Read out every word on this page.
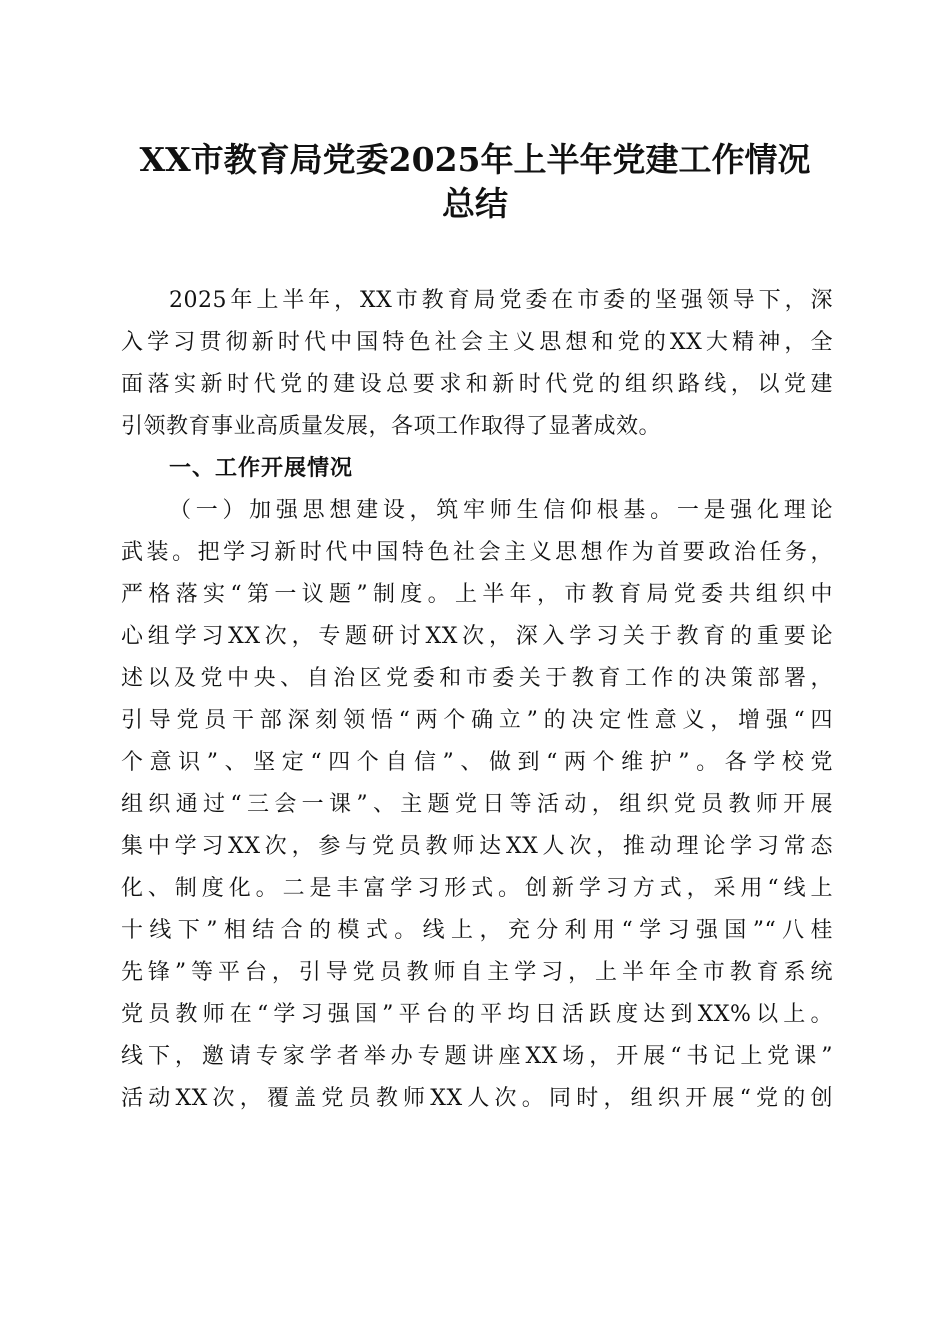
XX市教育局党委2025年上半年党建工作情况
总结
2025年上半年，XX市教育局党委在市委的坚强领导下，深
入学习贯彻新时代中国特色社会主义思想和党的XX大精神，全
面落实新时代党的建设总要求和新时代党的组织路线，以党建
引领教育事业高质量发展，各项工作取得了显著成效。
一、工作开展情况
（一）加强思想建设，筑牢师生信仰根基。一是强化理论
武装。把学习新时代中国特色社会主义思想作为首要政治任务，
严格落实“第一议题”制度。上半年，市教育局党委共组织中
心组学习XX次，专题研讨XX次，深入学习关于教育的重要论
述以及党中央、自治区党委和市委关于教育工作的决策部署，
引导党员干部深刻领悟“两个确立”的决定性意义，增强“四
个意识”、坚定“四个自信”、做到“两个维护”。各学校党
组织通过“三会一课”、主题党日等活动，组织党员教师开展
集中学习XX次，参与党员教师达XX人次，推动理论学习常态
化、制度化。二是丰富学习形式。创新学习方式，采用“线上
十线下”相结合的模式。线上，充分利用“学习强国”“八桂
先锋”等平台，引导党员教师自主学习，上半年全市教育系统
党员教师在“学习强国”平台的平均日活跃度达到XX%以上。
线下，邀请专家学者举办专题讲座XX场，开展“书记上党课”
活动XX次，覆盖党员教师XX人次。同时，组织开展“党的创
